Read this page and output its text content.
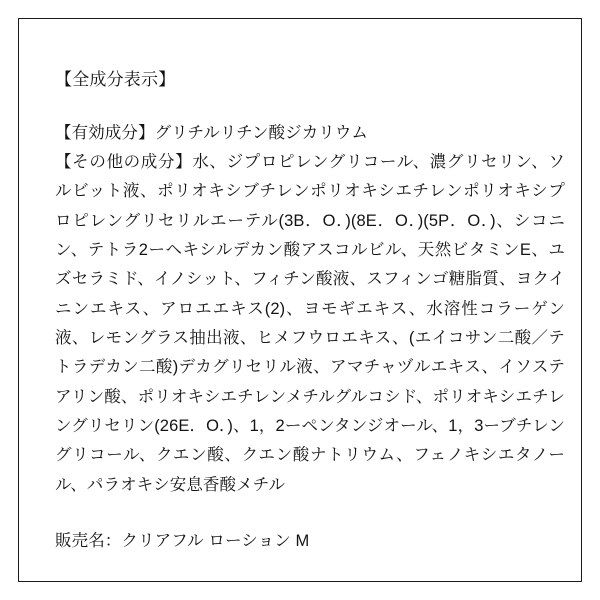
【全成分表示】

【有効成分】グリチルリチン酸ジカリウム

【その他の成分】水、ジプロピレングリコール、濃グリセリン、ソルビット液、ポリオキシブチレンポリオキシエチレンポリオキシプロピレングリセリルエーテル(3B．O．)(8E．O．)(5P．O．)、シコニン、テトラ2ーヘキシルデカン酸アスコルビル、天然ビタミンE、ユズセラミド、イノシット、フィチン酸液、スフィンゴ糖脂質、ヨクイニンエキス、アロエエキス(2)、ヨモギエキス、水溶性コラーゲン液、レモングラス抽出液、ヒメフウロエキス、(エイコサン二酸／テトラデカン二酸)デカグリセリル液、アマチャヅルエキス、イソステアリン酸、ポリオキシエチレンメチルグルコシド、ポリオキシエチレングリセリン(26E．O．)、1，2ーペンタンジオール、1，3ーブチレングリコール、クエン酸、クエン酸ナトリウム、フェノキシエタノール、パラオキシ安息香酸メチル

販売名：クリアフル ローション M
